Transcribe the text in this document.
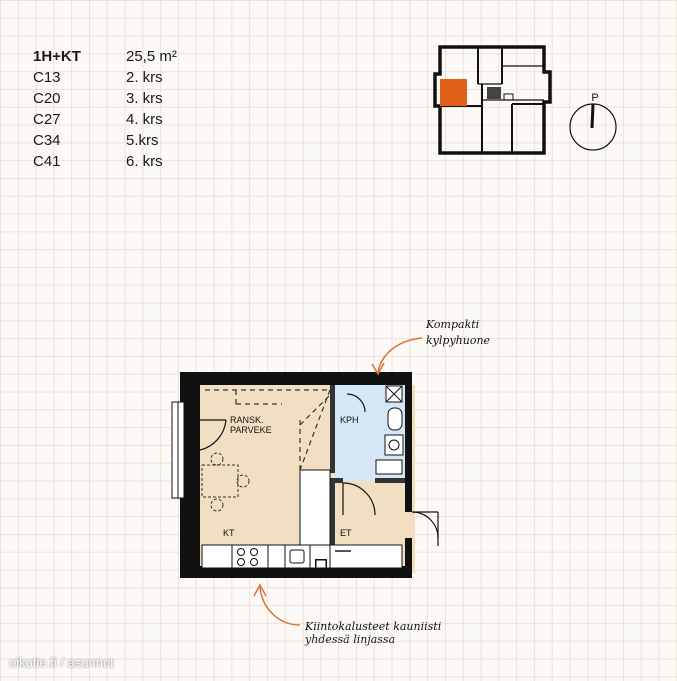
1H+KT	25,5 m²
C13	2. krs
C20	3. krs
C27	4. krs
C34	5.krs
C41	6. krs
P
RANSK.
PARVEKE
KPH
KT	ET
Kompakti
kylpyhuone
Kiintokalusteet kauniisti
yhdessä linjassa
oikotie.fi / asunnot
